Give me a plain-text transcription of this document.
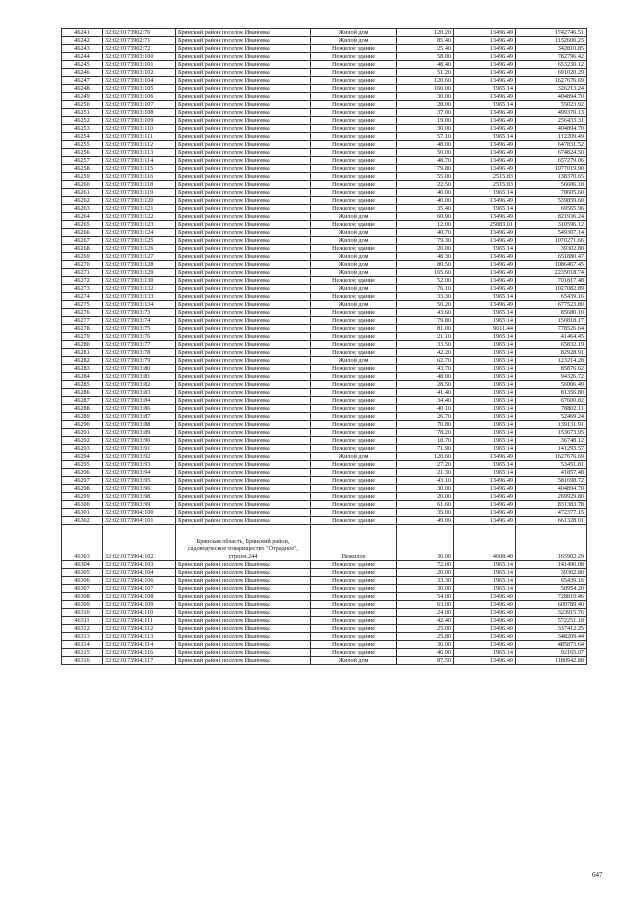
46241	32:02:0173902:76	Брянский район поселок Ивановка	Жилой дом	120.20	13496.49	1742746.51
46242	32:02:0173902:71	Брянский район поселок Ивановка	Жилой дом	85.40	13496.49	1152600.25
46243	32:02:0173902:72	Брянский район поселок Ивановка	Нежилое здание	25.40	13496.49	342810.85
46244	32:02:0173903:100	Брянский район поселок Ивановка	Нежилое здание	58.00	13496.49	782796.42
46245	32:02:0173903:101	Брянский район поселок Ивановка	Нежилое здание	48.40	13496.49	653230.12
46246	32:02:0173903:102	Брянский район поселок Ивановка	Нежилое здание	51.20	13496.49	691020.29
46247	32:02:0173903:104	Брянский район поселок Ивановка	Нежилое здание	120.60	13496.49	1627676.69
46248	32:02:0173903:105	Брянский район поселок Ивановка	Нежилое здание	166.00	1965.14	326213.24
46249	32:02:0173903:106	Брянский район поселок Ивановка	Нежилое здание	30.00	13496.49	404894.70
46250	32:02:0173903:107	Брянский район поселок Ивановка	Нежилое здание	28.00	1965.14	55023.92
46251	32:02:0173903:108	Брянский район поселок Ивановка	Нежилое здание	37.00	13496.49	499370.13
46252	32:02:0173903:109	Брянский район поселок Ивановка	Нежилое здание	19.00	13496.49	256433.31
46253	32:02:0173903:110	Брянский район поселок Ивановка	Нежилое здание	30.00	13496.49	404894.70
46254	32:02:0173903:111	Брянский район поселок Ивановка	Нежилое здание	57.10	1965.14	112209.49
46255	32:02:0173903:112	Брянский район поселок Ивановка	Нежилое здание	48.00	13496.49	647831.52
46256	32:02:0173903:113	Брянский район поселок Ивановка	Нежилое здание	50.00	13496.49	674824.50
46257	32:02:0173903:114	Брянский район поселок Ивановка	Нежилое здание	48.70	13496.49	657279.06
46258	32:02:0173903:115	Брянский район поселок Ивановка	Нежилое здание	79.80	13496.49	1077019.90
46259	32:02:0173903:116	Брянский район поселок Ивановка	Нежилое здание	55.00	2515.83	138370.65
46260	32:02:0173903:118	Брянский район поселок Ивановка	Нежилое здание	22.50	2515.83	56606.18
46261	32:02:0173903:119	Брянский район поселок Ивановка	Нежилое здание	40.00	1965.14	78605.60
46262	32:02:0173903:120	Брянский район поселок Ивановка	Нежилое здание	40.00	13496.49	539859.60
46263	32:02:0173903:121	Брянский район поселок Ивановка	Нежилое здание	35.40	1965.14	69565.96
46264	32:02:0173903:122	Брянский район поселок Ивановка	Жилой дом	60.90	13496.49	821936.24
46265	32:02:0173903:123	Брянский район поселок Ивановка	Нежилое здание	12.00	25883.01	310596.12
46266	32:02:0173903:124	Брянский район поселок Ивановка	Жилой дом	40.70	13496.49	549307.14
46267	32:02:0173903:125	Брянский район поселок Ивановка	Жилой дом	79.30	13496.49	1070271.66
46268	32:02:0173903:126	Брянский район поселок Ивановка	Нежилое здание	20.00	1965.14	39302.80
46269	32:02:0173903:127	Брянский район поселок Ивановка	Жилой дом	48.30	13496.49	651880.47
46270	32:02:0173903:128	Брянский район поселок Ивановка	Жилой дом	80.50	13496.49	1086467.45
46271	32:02:0173903:129	Брянский район поселок Ивановка	Жилой дом	165.60	13496.49	2235018.74
46272	32:02:0173903:130	Брянский район поселок Ивановка	Нежилое здание	52.00	13496.49	701817.48
46273	32:02:0173903:132	Брянский район поселок Ивановка	Жилой дом	76.10	13496.49	1027082.89
46274	32:02:0173903:133	Брянский район поселок Ивановка	Нежилое здание	33.30	1965.14	65439.16
46275	32:02:0173903:134	Брянский район поселок Ивановка	Жилой дом	50.20	13496.49	677523.80
46276	32:02:0173903:73	Брянский район поселок Ивановка	Нежилое здание	43.60	1965.14	85680.10
46277	32:02:0173903:74	Брянский район поселок Ивановка	Нежилое здание	79.80	1965.14	156818.17
46278	32:02:0173903:75	Брянский район поселок Ивановка	Нежилое здание	81.00	9611.44	778526.64
46279	32:02:0173903:76	Брянский район поселок Ивановка	Нежилое здание	21.10	1965.14	41464.45
46280	32:02:0173903:77	Брянский район поселок Ивановка	Нежилое здание	33.50	1965.14	65832.19
46281	32:02:0173903:78	Брянский район поселок Ивановка	Нежилое здание	42.20	1965.14	82928.91
46282	32:02:0173903:79	Брянский район поселок Ивановка	Жилой дом	62.70	1965.14	123214.28
46283	32:02:0173903:80	Брянский район поселок Ивановка	Нежилое здание	43.70	1965.14	85876.62
46284	32:02:0173903:81	Брянский район поселок Ивановка	Нежилое здание	48.00	1965.14	94326.72
46285	32:02:0173903:82	Брянский район поселок Ивановка	Нежилое здание	28.50	1965.14	56006.49
46286	32:02:0173903:83	Брянский район поселок Ивановка	Нежилое здание	41.40	1965.14	81356.80
46287	32:02:0173903:84	Брянский район поселок Ивановка	Нежилое здание	34.40	1965.14	67600.82
46288	32:02:0173903:86	Брянский район поселок Ивановка	Нежилое здание	40.10	1965.14	78802.11
46289	32:02:0173903:87	Брянский район поселок Ивановка	Нежилое здание	26.70	1965.14	52469.24
46290	32:02:0173903:88	Брянский район поселок Ивановка	Нежилое здание	70.80	1965.14	139131.91
46291	32:02:0173903:89	Брянский район поселок Ивановка	Нежилое здание	78.20	1965.14	153673.95
46292	32:02:0173903:90	Брянский район поселок Ивановка	Нежилое здание	18.70	1965.14	36748.12
46293	32:02:0173903:91	Брянский район поселок Ивановка	Нежилое здание	71.90	1965.14	141293.57
46294	32:02:0173903:92	Брянский район поселок Ивановка	Жилой дом	120.60	13496.49	1627676.69
46295	32:02:0173903:93	Брянский район поселок Ивановка	Нежилое здание	27.20	1965.14	53451.81
46296	32:02:0173903:94	Брянский район поселок Ивановка	Нежилое здание	21.30	1965.14	41857.48
46297	32:02:0173903:95	Брянский район поселок Ивановка	Нежилое здание	43.10	13496.49	581698.72
46298	32:02:0173903:96	Брянский район поселок Ивановка	Нежилое здание	30.00	13496.49	404894.70
46299	32:02:0173903:98	Брянский район поселок Ивановка	Нежилое здание	20.00	13496.49	269929.80
46300	32:02:0173903:99	Брянский район поселок Ивановка	Нежилое здание	61.60	13496.49	831383.78
46301	32:02:0173904:100	Брянский район поселок Ивановка	Нежилое здание	35.00	13496.49	472377.15
46302	32:02:0173904:101	Брянский район поселок Ивановка	Нежилое здание	49.00	13496.49	661328.01
46303	32:02:0173904:102	Брянская область, Брянский район, садоводческое товарищество "Отрадное", строен.244	Нежилое	36.00	4608.40	165902.29
46304	32:02:0173904:103	Брянский район поселок Ивановка	Нежилое здание	72.00	1965.14	141490.08
46305	32:02:0173904:104	Брянский район поселок Ивановка	Нежилое здание	20.00	1965.14	39302.80
46306	32:02:0173904:106	Брянский район поселок Ивановка	Нежилое здание	33.30	1965.14	65439.16
46307	32:02:0173904:107	Брянский район поселок Ивановка	Нежилое здание	30.00	1965.14	58954.20
46308	32:02:0173904:108	Брянский район поселок Ивановка	Нежилое здание	54.00	13496.49	728810.46
46309	32:02:0173904:109	Брянский район поселок Ивановка	Нежилое здание	63.00	13496.49	609789.40
46310	32:02:0173904:110	Брянский район поселок Ивановка	Нежилое здание	24.00	13496.49	323915.76
46311	32:02:0173904:111	Брянский район поселок Ивановка	Нежилое здание	42.40	13496.49	572251.18
46312	32:02:0173904:112	Брянский район поселок Ивановка	Нежилое здание	25.00	13496.49	337412.25
46313	32:02:0173904:113	Брянский район поселок Ивановка	Нежилое здание	25.80	13496.49	348209.44
46314	32:02:0173904:114	Брянский район поселок Ивановка	Нежилое здание	36.00	13496.49	485873.64
46315	32:02:0173904:116	Брянский район поселок Ивановка	Нежилое здание	46.90	1965.14	92165.07
46316	32:02:0173904:117	Брянский район поселок Ивановка	Жилой дом	87.50	13496.49	1180942.88
647
